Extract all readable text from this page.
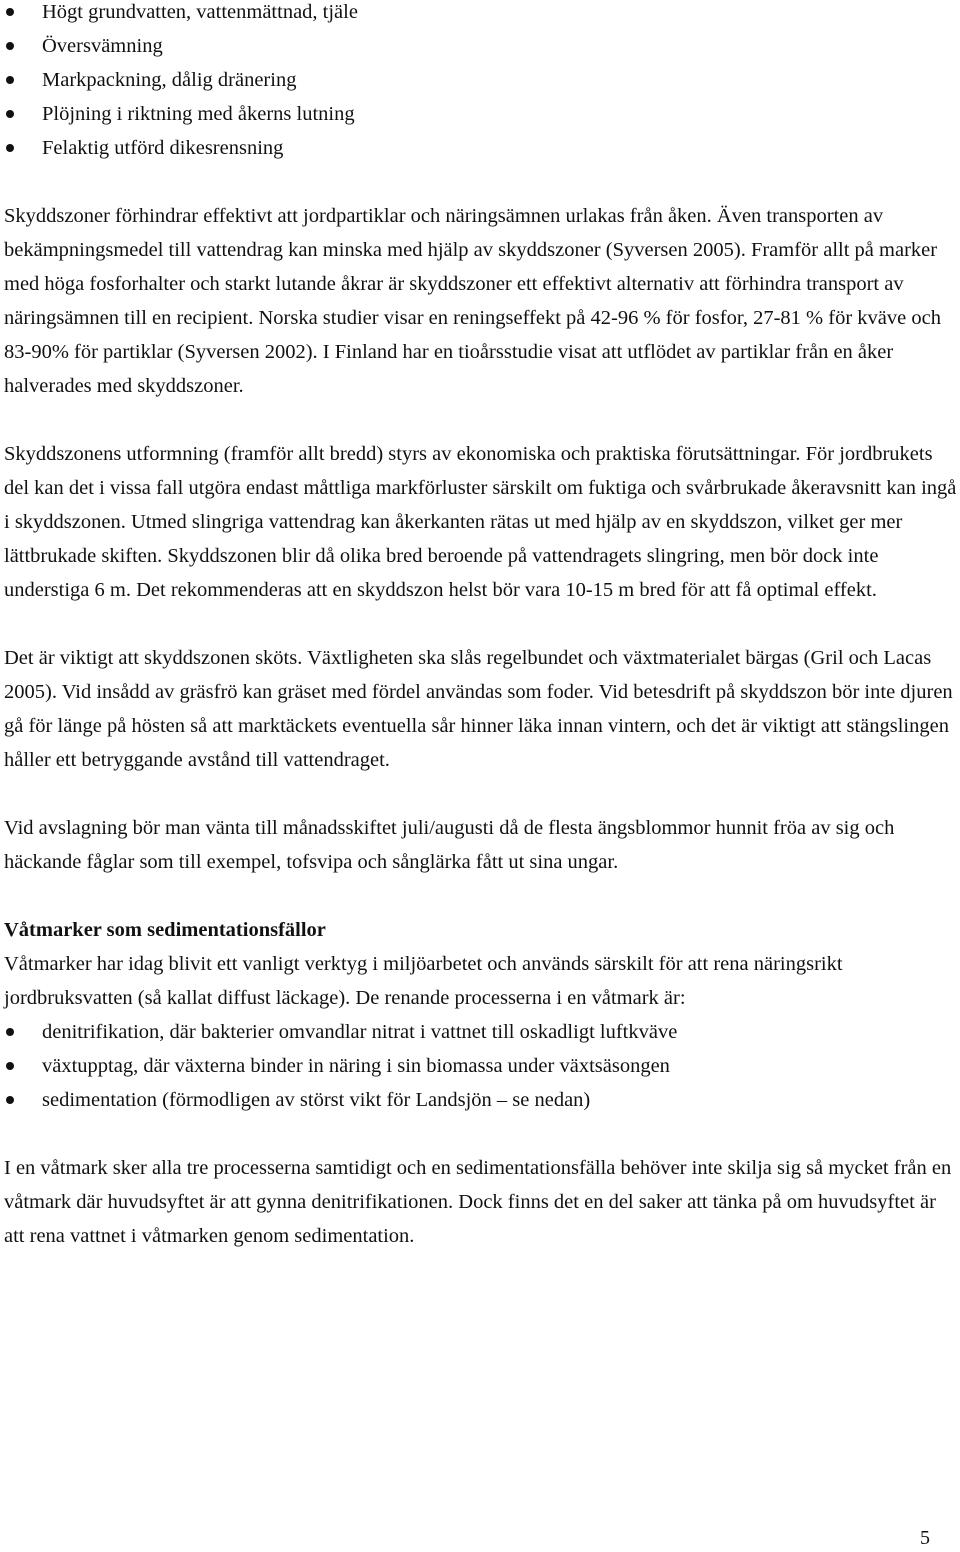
Högt grundvatten, vattenmättnad, tjäle
Översvämning
Markpackning, dålig dränering
Plöjning i riktning med åkerns lutning
Felaktig utförd dikesrensning

Skyddszoner förhindrar effektivt att jordpartiklar och näringsämnen urlakas från åken. Även transporten av bekämpningsmedel till vattendrag kan minska med hjälp av skyddszoner (Syversen 2005). Framför allt på marker med höga fosforhalter och starkt lutande åkrar är skyddszoner ett effektivt alternativ att förhindra transport av näringsämnen till en recipient. Norska studier visar en reningseffekt på 42-96 % för fosfor, 27-81 % för kväve och 83-90% för partiklar (Syversen 2002). I Finland har en tioårsstudie visat att utflödet av partiklar från en åker halverades med skyddszoner.

Skyddszonens utformning (framför allt bredd) styrs av ekonomiska och praktiska förutsättningar. För jordbrukets del kan det i vissa fall utgöra endast måttliga markförluster särskilt om fuktiga och svårbrukade åkeravsnitt kan ingå i skyddszonen. Utmed slingriga vattendrag kan åkerkanten rätas ut med hjälp av en skyddszon, vilket ger mer lättbrukade skiften. Skyddszonen blir då olika bred beroende på vattendragets slingring, men bör dock inte understiga 6 m. Det rekommenderas att en skyddszon helst bör vara 10-15 m bred för att få optimal effekt.

Det är viktigt att skyddszonen sköts. Växtligheten ska slås regelbundet och växtmaterialet bärgas (Gril och Lacas 2005). Vid insådd av gräsfrö kan gräset med fördel användas som foder. Vid betesdrift på skyddszon bör inte djuren gå för länge på hösten så att marktäckets eventuella sår hinner läka innan vintern, och det är viktigt att stängslingen håller ett betryggande avstånd till vattendraget.

Vid avslagning bör man vänta till månadsskiftet juli/augusti då de flesta ängsblommor hunnit fröa av sig och häckande fåglar som till exempel, tofsvipa och sånglärka fått ut sina ungar.

Våtmarker som sedimentationsfällor

Våtmarker har idag blivit ett vanligt verktyg i miljöarbetet och används särskilt för att rena näringsrikt jordbruksvatten (så kallat diffust läckage). De renande processerna i en våtmark är:

denitrifikation, där bakterier omvandlar nitrat i vattnet till oskadligt luftkväve
växtupptag, där växterna binder in näring i sin biomassa under växtsäsongen
sedimentation (förmodligen av störst vikt för Landsjön – se nedan)

I en våtmark sker alla tre processerna samtidigt och en sedimentationsfälla behöver inte skilja sig så mycket från en våtmark där huvudsyftet är att gynna denitrifikationen. Dock finns det en del saker att tänka på om huvudsyftet är att rena vattnet i våtmarken genom sedimentation.

5
